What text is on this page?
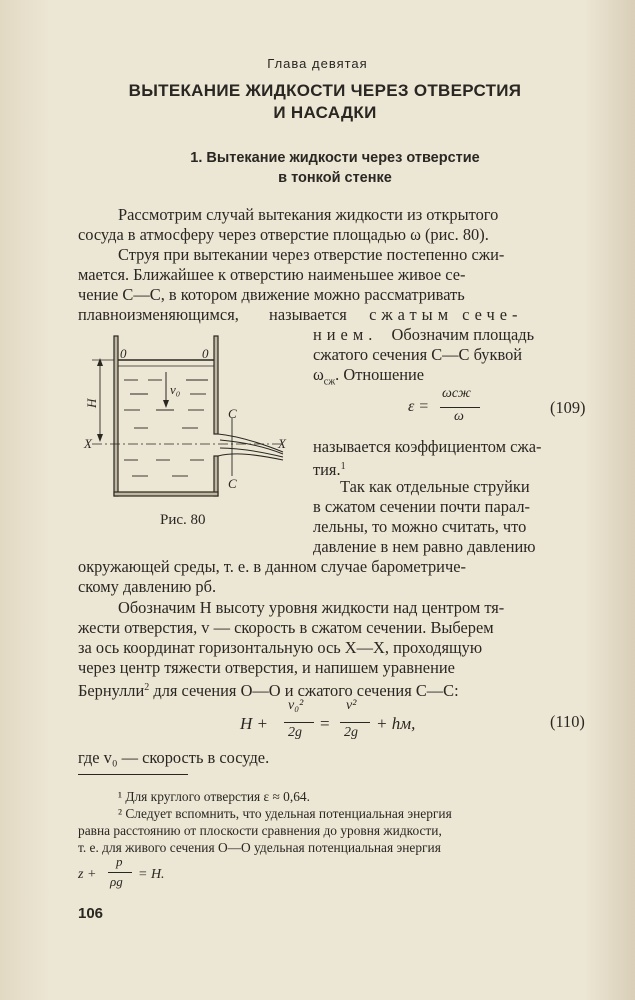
Глава девятая
ВЫТЕКАНИЕ ЖИДКОСТИ ЧЕРЕЗ ОТВЕРСТИЯ
И НАСАДКИ
1. Вытекание жидкости через отверстие
в тонкой стенке
Рассмотрим случай вытекания жидкости из открытого
сосуда в атмосферу через отверстие площадью ω (рис. 80).
Струя при вытекании через отверстие постепенно сжи-
мается. Ближайшее к отверстию наименьшее живое се-
чение C—C, в котором движение можно рассматривать
плавноизменяющимся, называется сжатым сече-
нием. Обозначим площадь
сжатого сечения C—C буквой
$\omega_{сж}$. Отношение
ε =
ωсж
ω	(109)
называется коэффициентом сжа-
тия.$^1$
Так как отдельные струйки
в сжатом сечении почти парал-
лельны, то можно считать, что
давление в нем равно давлению
окружающей среды, т. е. в данном случае барометриче-
скому давлению pб.
0	0
v₀
H
X	X
C
C
Рис. 80
Обозначим H высоту уровня жидкости над центром тя-
жести отверстия, v — скорость в сжатом сечении. Выберем
за ось координат горизонтальную ось X—X, проходящую
через центр тяжести отверстия, и напишем уравнение
Бернулли$^2$ для сечения O—O и сжатого сечения C—C:
H +
v₀²
2g =
v²
2g + hм,	(110)
где v₀ — скорость в сосуде.
¹ Для круглого отверстия ε ≈ 0,64.
² Следует вспомнить, что удельная потенциальная энергия
равна расстоянию от плоскости сравнения до уровня жидкости,
т. е. для живого сечения O—O удельная потенциальная энергия
z +
p
ρg = H.
106
